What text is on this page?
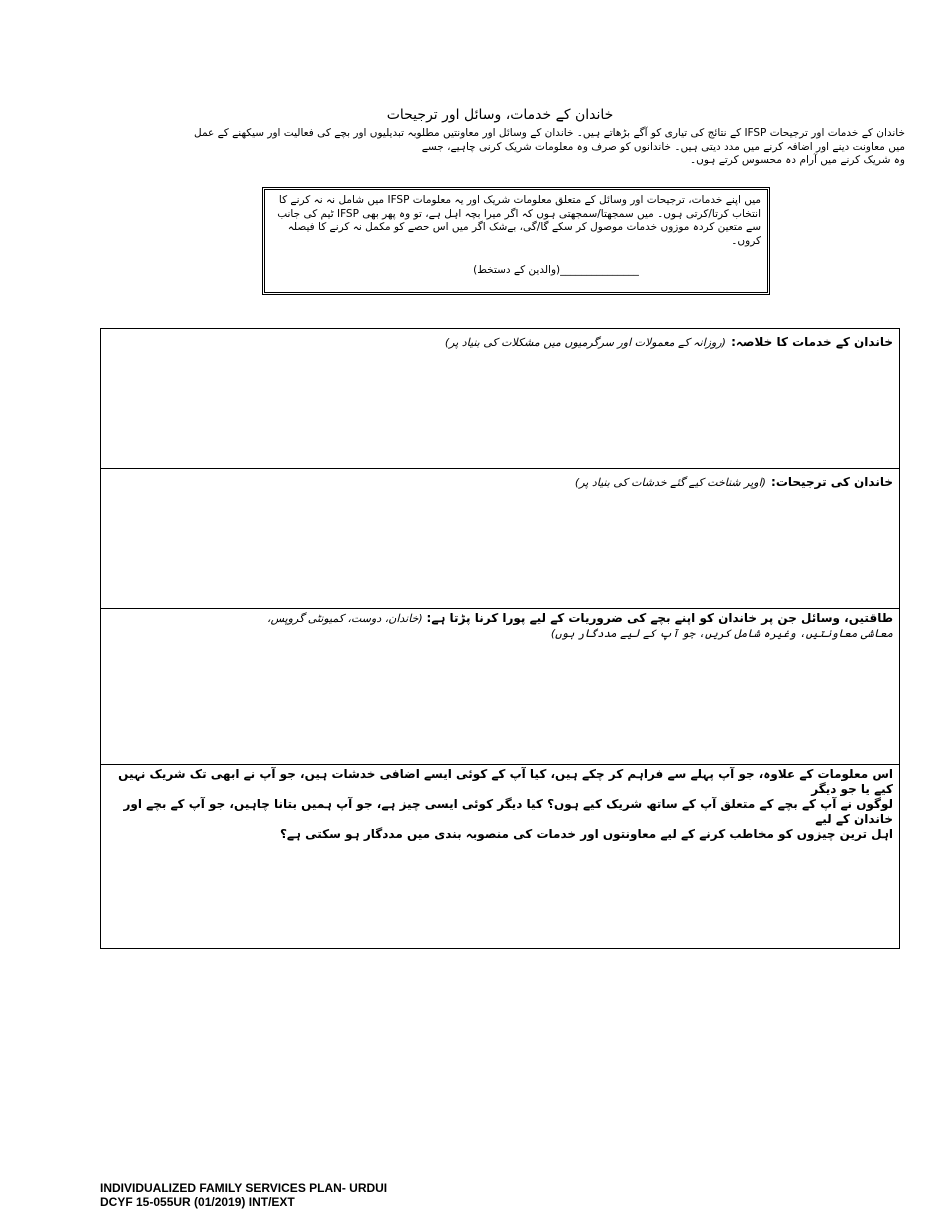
خاندان کے خدمات، وسائل اور ترجیحات

خاندان کے خدمات اور ترجیحات IFSP کے نتائج کی تیاری کو آگے بڑھاتے ہیں۔ خاندان کے وسائل اور معاونتیں مطلوبہ تبدیلیوں اور بچے کی فعالیت اور سیکھنے کے عمل

میں معاونت دینے اور اضافہ کرنے میں مدد دیتی ہیں۔ خاندانوں کو صرف وہ معلومات شریک کرنی چاہیے، جسے

وہ شریک کرنے میں آرام دہ محسوس کرتے ہوں۔

میں اپنے خدمات، ترجیحات اور وسائل کے متعلق معلومات شریک اور یہ معلومات IFSP میں شامل نہ نہ کرنے کا انتخاب کرتا/کرتی ہوں۔ میں سمجھتا/سمجھتی ہوں کہ اگر میرا بچہ اہل ہے، تو وہ پھر بھی IFSP ٹیم کی جانب سے متعین کردہ موزوں خدمات موصول کر سکے گا/گی، بےشک اگر میں اس حصے کو مکمل نہ کرنے کا فیصلہ کروں۔

_______________(والدین کے دستخط)
خاندان کے خدمات کا خلاصہ: (روزانہ کے معمولات اور سرگرمیوں میں مشکلات کی بنیاد پر)
خاندان کی ترجیحات: (اوپر شناخت کیے گئے خدشات کی بنیاد پر)

طاقتیں، وسائل جن پر خاندان کو اپنے بچے کی ضروریات کے لیے پورا کرنا پڑتا ہے: (خاندان، دوست، کمیونٹی گروپس،

معاشی معاونتیں، وغیرہ شامل کریں، جو آپ کے لیے مددگار ہوں)

اس معلومات کے علاوہ، جو آپ پہلے سے فراہم کر چکے ہیں، کیا آپ کے کوئی ایسے اضافی خدشات ہیں، جو آپ نے ابھی تک شریک نہیں کیے یا جو دیگر
لوگوں نے آپ کے بچے کے متعلق آپ کے ساتھ شریک کیے ہوں؟ کیا دیگر کوئی ایسی چیز ہے، جو آپ ہمیں بتانا چاہیں، جو آپ کے بچے اور خاندان کے لیے
اہل ترین چیزوں کو مخاطب کرنے کے لیے معاونتوں اور خدمات کی منصوبہ بندی میں مددگار ہو سکتی ہے؟
INDIVIDUALIZED FAMILY SERVICES PLAN- URDUI
DCYF 15-055UR (01/2019) INT/EXT
